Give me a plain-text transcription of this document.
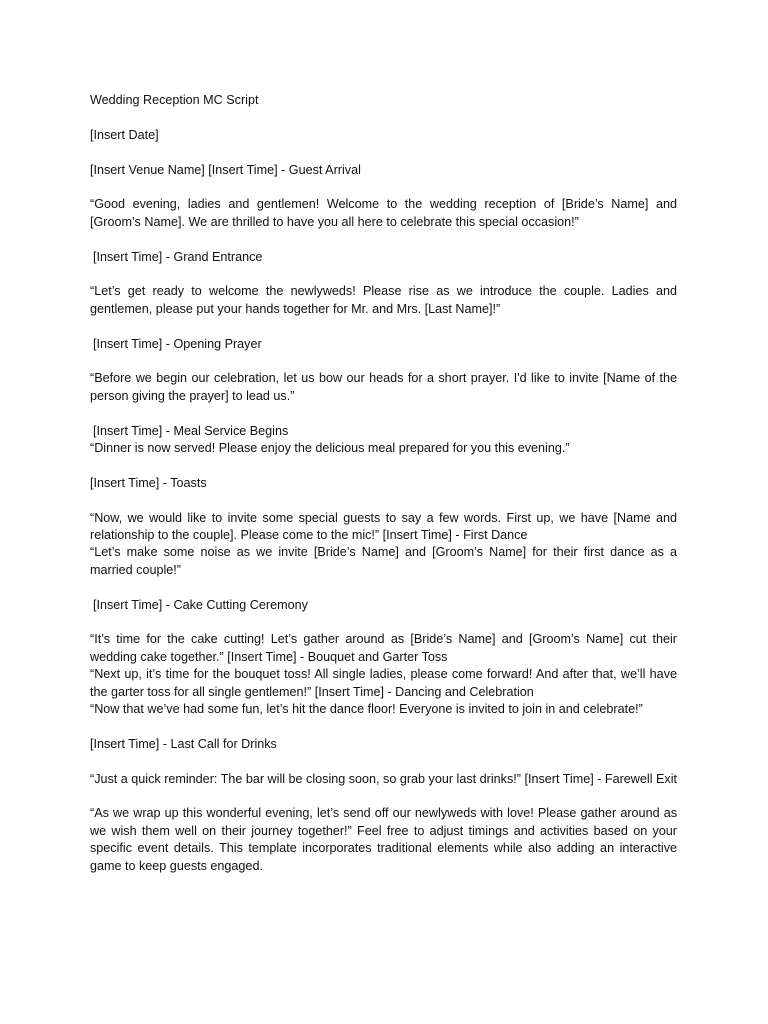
Wedding Reception MC Script

[Insert Date]

[Insert Venue Name] [Insert Time] - Guest Arrival

“Good evening, ladies and gentlemen! Welcome to the wedding reception of [Bride’s Name] and [Groom’s Name]. We are thrilled to have you all here to celebrate this special occasion!”

[Insert Time] - Grand Entrance

“Let’s get ready to welcome the newlyweds! Please rise as we introduce the couple. Ladies and gentlemen, please put your hands together for Mr. and Mrs. [Last Name]!”

[Insert Time] - Opening Prayer

“Before we begin our celebration, let us bow our heads for a short prayer. I'd like to invite [Name of the person giving the prayer] to lead us.”

[Insert Time] - Meal Service Begins

“Dinner is now served! Please enjoy the delicious meal prepared for you this evening.”

[Insert Time] - Toasts

“Now, we would like to invite some special guests to say a few words. First up, we have [Name and relationship to the couple]. Please come to the mic!” [Insert Time] - First Dance

“Let’s make some noise as we invite [Bride’s Name] and [Groom’s Name] for their first dance as a married couple!”

[Insert Time] - Cake Cutting Ceremony

“It’s time for the cake cutting! Let’s gather around as [Bride’s Name] and [Groom’s Name] cut their wedding cake together.” [Insert Time] - Bouquet and Garter Toss

“Next up, it’s time for the bouquet toss! All single ladies, please come forward! And after that, we’ll have the garter toss for all single gentlemen!” [Insert Time] - Dancing and Celebration

“Now that we’ve had some fun, let’s hit the dance floor! Everyone is invited to join in and celebrate!”

[Insert Time] - Last Call for Drinks

“Just a quick reminder: The bar will be closing soon, so grab your last drinks!” [Insert Time] - Farewell Exit

“As we wrap up this wonderful evening, let’s send off our newlyweds with love! Please gather around as we wish them well on their journey together!” Feel free to adjust timings and activities based on your specific event details. This template incorporates traditional elements while also adding an interactive game to keep guests engaged.
